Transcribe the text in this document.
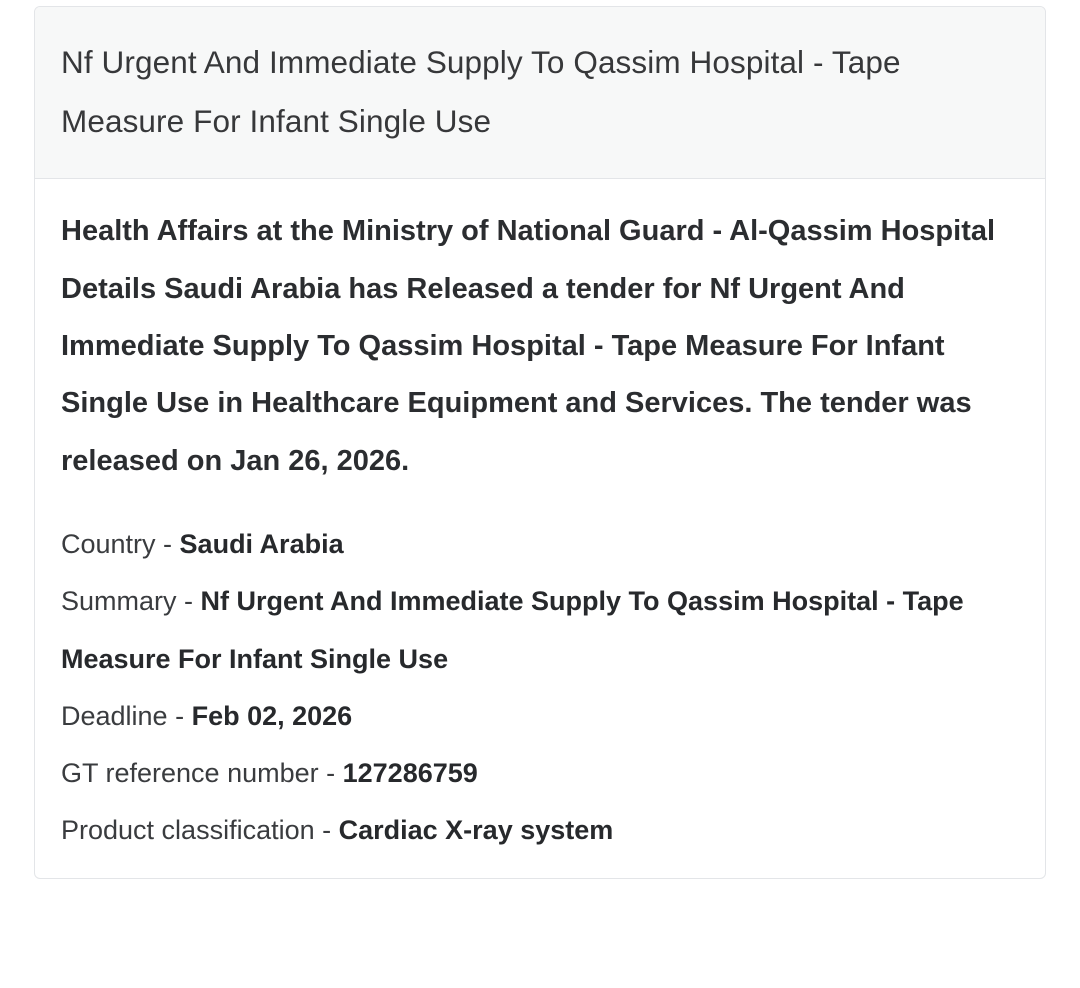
Nf Urgent And Immediate Supply To Qassim Hospital - Tape Measure For Infant Single Use

Health Affairs at the Ministry of National Guard - Al-Qassim Hospital Details Saudi Arabia has Released a tender for Nf Urgent And Immediate Supply To Qassim Hospital - Tape Measure For Infant Single Use in Healthcare Equipment and Services. The tender was released on Jan 26, 2026.

Country - Saudi Arabia

Summary - Nf Urgent And Immediate Supply To Qassim Hospital - Tape Measure For Infant Single Use

Deadline - Feb 02, 2026

GT reference number - 127286759

Product classification - Cardiac X-ray system
